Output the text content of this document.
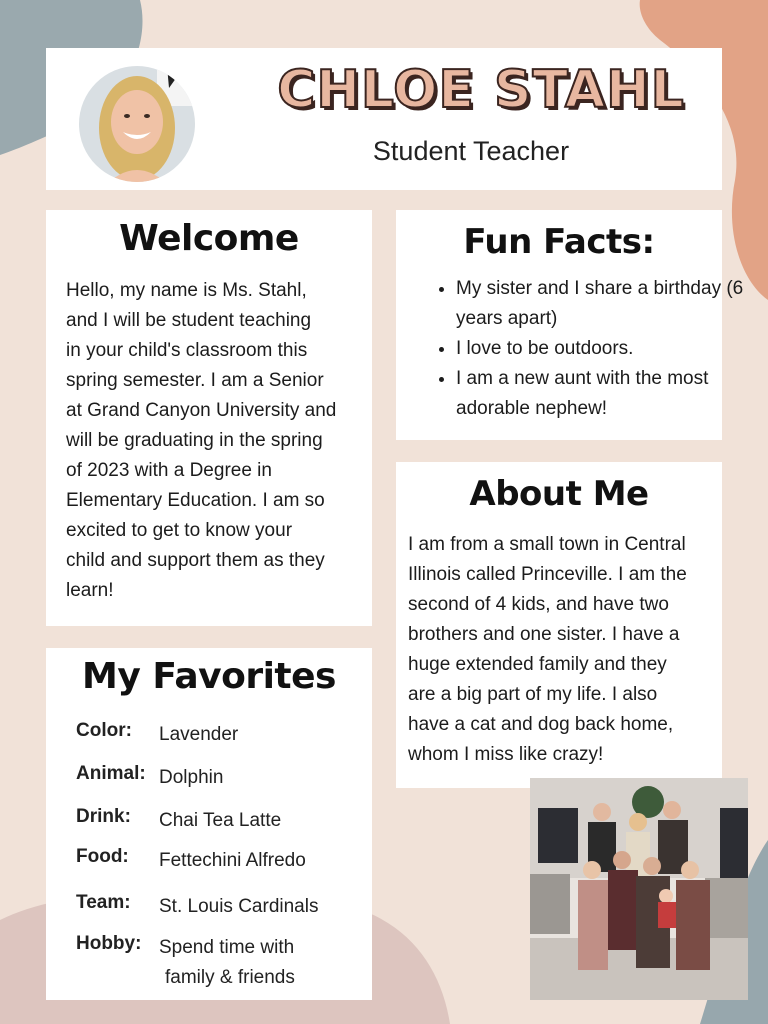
CHLOE STAHL
Student Teacher
Welcome
Hello, my name is Ms. Stahl,
and I will be student teaching
in your child's classroom this
spring semester. I am a Senior
at Grand Canyon University and
will be graduating in the spring
of 2023 with a Degree in
Elementary Education. I am so
excited to get to know your
child and support them as they
learn!
My Favorites
Color: Lavender
Animal: Dolphin
Drink: Chai Tea Latte
Food: Fettechini Alfredo
Team: St. Louis Cardinals
Hobby: Spend time with
family & friends
Fun Facts:
• My sister and I share a birthday (6 years apart)
• I love to be outdoors.
• I am a new aunt with the most adorable nephew!
About Me
I am from a small town in Central
Illinois called Princeville. I am the
second of 4 kids, and have two
brothers and one sister. I have a
huge extended family and they
are a big part of my life. I also
have a cat and dog back home,
whom I miss like crazy!
